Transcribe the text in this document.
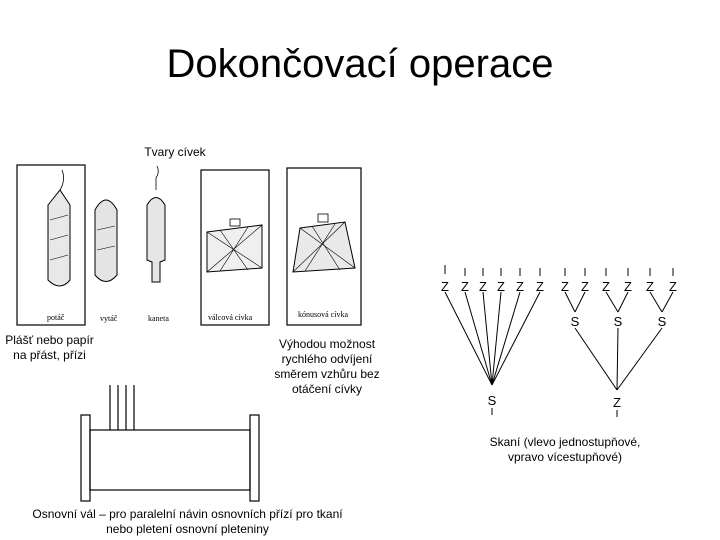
Dokončovací operace
potáč	vytáč	kaneta	válcová cívka	kónusová cívka
Z Z Z Z Z Z
S
Z Z Z Z Z Z
S	S	S
Z
Tvary cívek
Plášť nebo papír na přást, přízi
Výhodou možnost rychlého odvíjení směrem vzhůru bez otáčení cívky
Skaní (vlevo jednostupňové, vpravo vícestupňové)
Osnovní vál – pro paralelní návin osnovních přízí pro tkaní nebo pletení osnovní pleteniny
